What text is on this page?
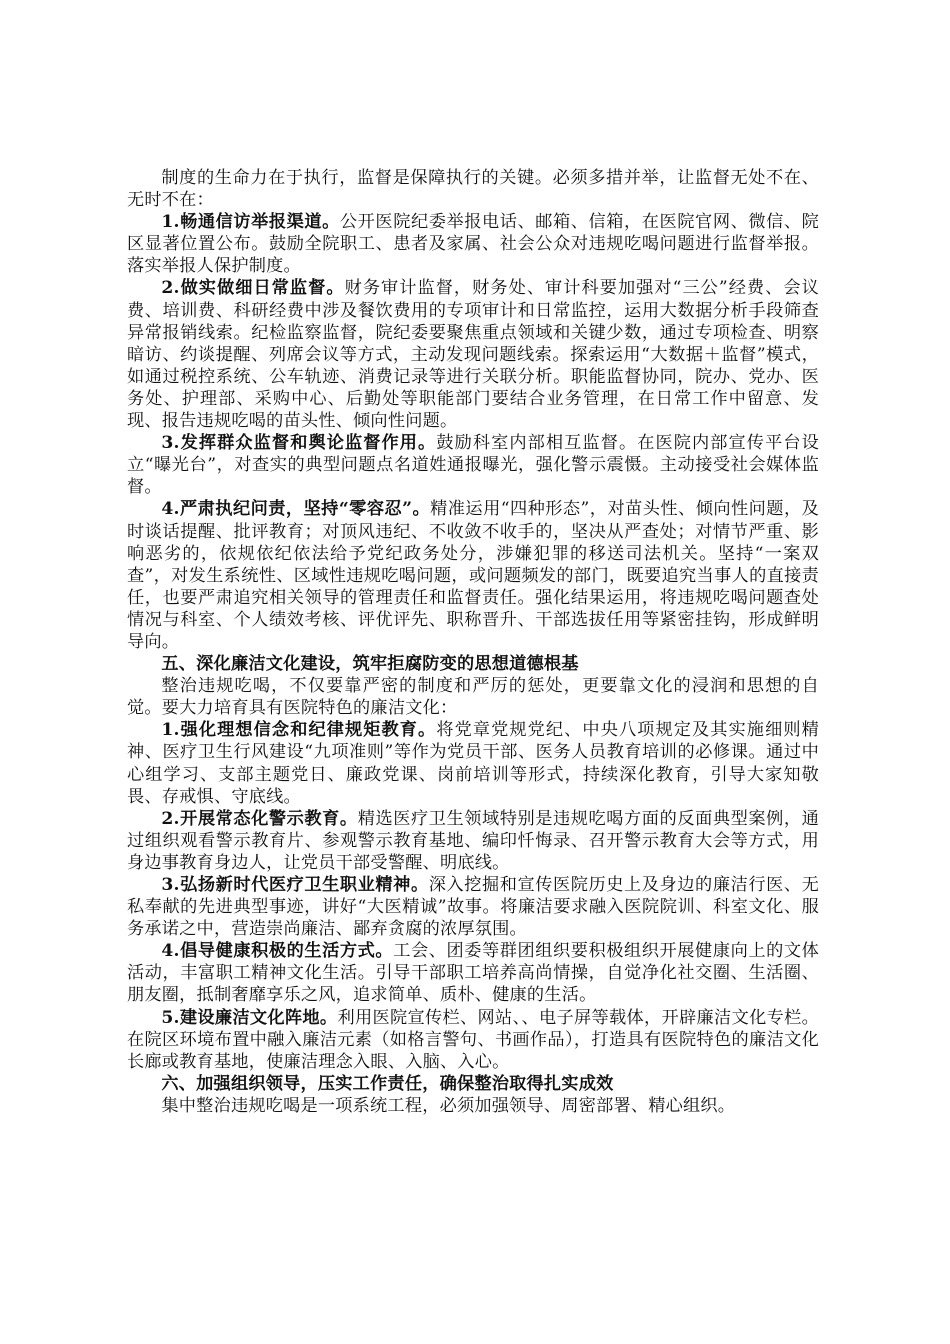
制度的生命力在于执行，监督是保障执行的关键。必须多措并举，让监督无处不在、无时不在：

1.畅通信访举报渠道。公开医院纪委举报电话、邮箱、信箱，在医院官网、微信、院区显著位置公布。鼓励全院职工、患者及家属、社会公众对违规吃喝问题进行监督举报。落实举报人保护制度。

2.做实做细日常监督。财务审计监督，财务处、审计科要加强对“三公”经费、会议费、培训费、科研经费中涉及餐饮费用的专项审计和日常监控，运用大数据分析手段筛查异常报销线索。纪检监察监督，院纪委要聚焦重点领域和关键少数，通过专项检查、明察暗访、约谈提醒、列席会议等方式，主动发现问题线索。探索运用“大数据＋监督”模式，如通过税控系统、公车轨迹、消费记录等进行关联分析。职能监督协同，院办、党办、医务处、护理部、采购中心、后勤处等职能部门要结合业务管理，在日常工作中留意、发现、报告违规吃喝的苗头性、倾向性问题。

3.发挥群众监督和舆论监督作用。鼓励科室内部相互监督。在医院内部宣传平台设立“曝光台”，对查实的典型问题点名道姓通报曝光，强化警示震慑。主动接受社会媒体监督。

4.严肃执纪问责，坚持“零容忍”。精准运用“四种形态”，对苗头性、倾向性问题，及时谈话提醒、批评教育；对顶风违纪、不收敛不收手的，坚决从严查处；对情节严重、影响恶劣的，依规依纪依法给予党纪政务处分，涉嫌犯罪的移送司法机关。坚持“一案双查”，对发生系统性、区域性违规吃喝问题，或问题频发的部门，既要追究当事人的直接责任，也要严肃追究相关领导的管理责任和监督责任。强化结果运用，将违规吃喝问题查处情况与科室、个人绩效考核、评优评先、职称晋升、干部选拔任用等紧密挂钩，形成鲜明导向。

五、深化廉洁文化建设，筑牢拒腐防变的思想道德根基

整治违规吃喝，不仅要靠严密的制度和严厉的惩处，更要靠文化的浸润和思想的自觉。要大力培育具有医院特色的廉洁文化：

1.强化理想信念和纪律规矩教育。将党章党规党纪、中央八项规定及其实施细则精神、医疗卫生行风建设“九项准则”等作为党员干部、医务人员教育培训的必修课。通过中心组学习、支部主题党日、廉政党课、岗前培训等形式，持续深化教育，引导大家知敬畏、存戒惧、守底线。

2.开展常态化警示教育。精选医疗卫生领域特别是违规吃喝方面的反面典型案例，通过组织观看警示教育片、参观警示教育基地、编印忏悔录、召开警示教育大会等方式，用身边事教育身边人，让党员干部受警醒、明底线。

3.弘扬新时代医疗卫生职业精神。深入挖掘和宣传医院历史上及身边的廉洁行医、无私奉献的先进典型事迹，讲好“大医精诚”故事。将廉洁要求融入医院院训、科室文化、服务承诺之中，营造崇尚廉洁、鄙弃贪腐的浓厚氛围。

4.倡导健康积极的生活方式。工会、团委等群团组织要积极组织开展健康向上的文体活动，丰富职工精神文化生活。引导干部职工培养高尚情操，自觉净化社交圈、生活圈、朋友圈，抵制奢靡享乐之风，追求简单、质朴、健康的生活。

5.建设廉洁文化阵地。利用医院宣传栏、网站、、电子屏等载体，开辟廉洁文化专栏。在院区环境布置中融入廉洁元素（如格言警句、书画作品），打造具有医院特色的廉洁文化长廊或教育基地，使廉洁理念入眼、入脑、入心。

六、加强组织领导，压实工作责任，确保整治取得扎实成效

集中整治违规吃喝是一项系统工程，必须加强领导、周密部署、精心组织。
